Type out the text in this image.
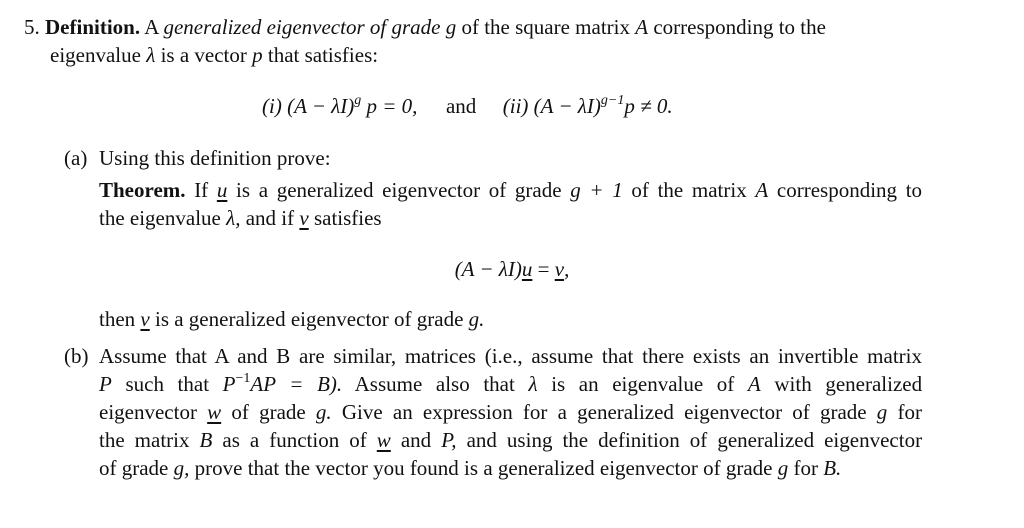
5. Definition. A generalized eigenvector of grade g of the square matrix A corresponding to the
eigenvalue λ is a vector p that satisfies:
(i) $(A - \lambda I)^g$ p = 0, and (ii) $(A - \lambda I)^{g-1}p \ne 0$.
(a) Using this definition prove:
Theorem. If u is a generalized eigenvector of grade g + 1 of the matrix A corresponding to
the eigenvalue λ, and if v satisfies
(A − λI)u = v,
then v is a generalized eigenvector of grade g.
(b) Assume that A and B are similar, matrices (i.e., assume that there exists an invertible matrix
P such that $P^{-1}AP = B$). Assume also that λ is an eigenvalue of A with generalized
eigenvector w of grade g. Give an expression for a generalized eigenvector of grade g for
the matrix B as a function of w and P, and using the definition of generalized eigenvector
of grade g, prove that the vector you found is a generalized eigenvector of grade g for B.
